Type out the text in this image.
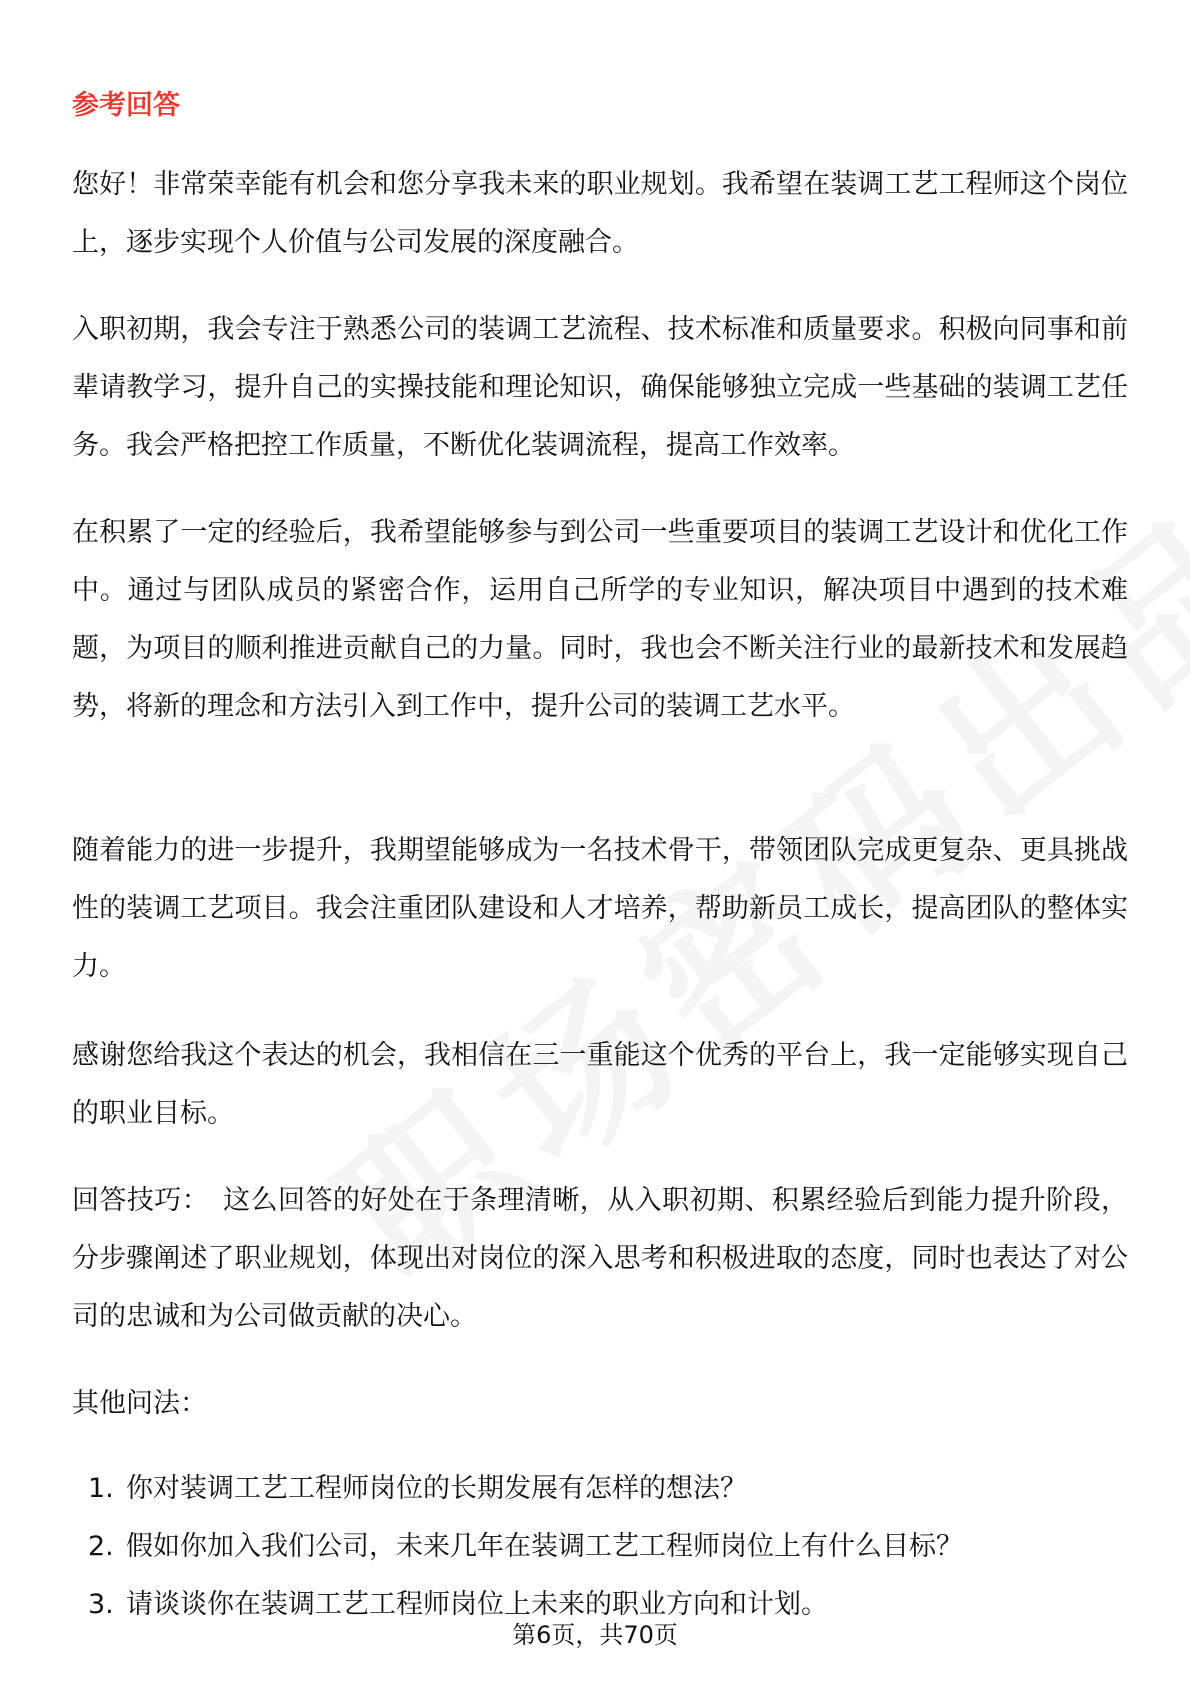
参考回答

您好！非常荣幸能有机会和您分享我未来的职业规划。我希望在装调工艺工程师这个岗位上，逐步实现个人价值与公司发展的深度融合。

入职初期，我会专注于熟悉公司的装调工艺流程、技术标准和质量要求。积极向同事和前辈请教学习，提升自己的实操技能和理论知识，确保能够独立完成一些基础的装调工艺任务。我会严格把控工作质量，不断优化装调流程，提高工作效率。

在积累了一定的经验后，我希望能够参与到公司一些重要项目的装调工艺设计和优化工作中。通过与团队成员的紧密合作，运用自己所学的专业知识，解决项目中遇到的技术难题，为项目的顺利推进贡献自己的力量。同时，我也会不断关注行业的最新技术和发展趋势，将新的理念和方法引入到工作中，提升公司的装调工艺水平。

随着能力的进一步提升，我期望能够成为一名技术骨干，带领团队完成更复杂、更具挑战性的装调工艺项目。我会注重团队建设和人才培养，帮助新员工成长，提高团队的整体实力。

感谢您给我这个表达的机会，我相信在三一重能这个优秀的平台上，我一定能够实现自己的职业目标。

回答技巧： 这么回答的好处在于条理清晰，从入职初期、积累经验后到能力提升阶段，分步骤阐述了职业规划，体现出对岗位的深入思考和积极进取的态度，同时也表达了对公司的忠诚和为公司做贡献的决心。

其他问法：

1. 你对装调工艺工程师岗位的长期发展有怎样的想法？
2. 假如你加入我们公司，未来几年在装调工艺工程师岗位上有什么目标？
3. 请谈谈你在装调工艺工程师岗位上未来的职业方向和计划。
第6页，共70页
